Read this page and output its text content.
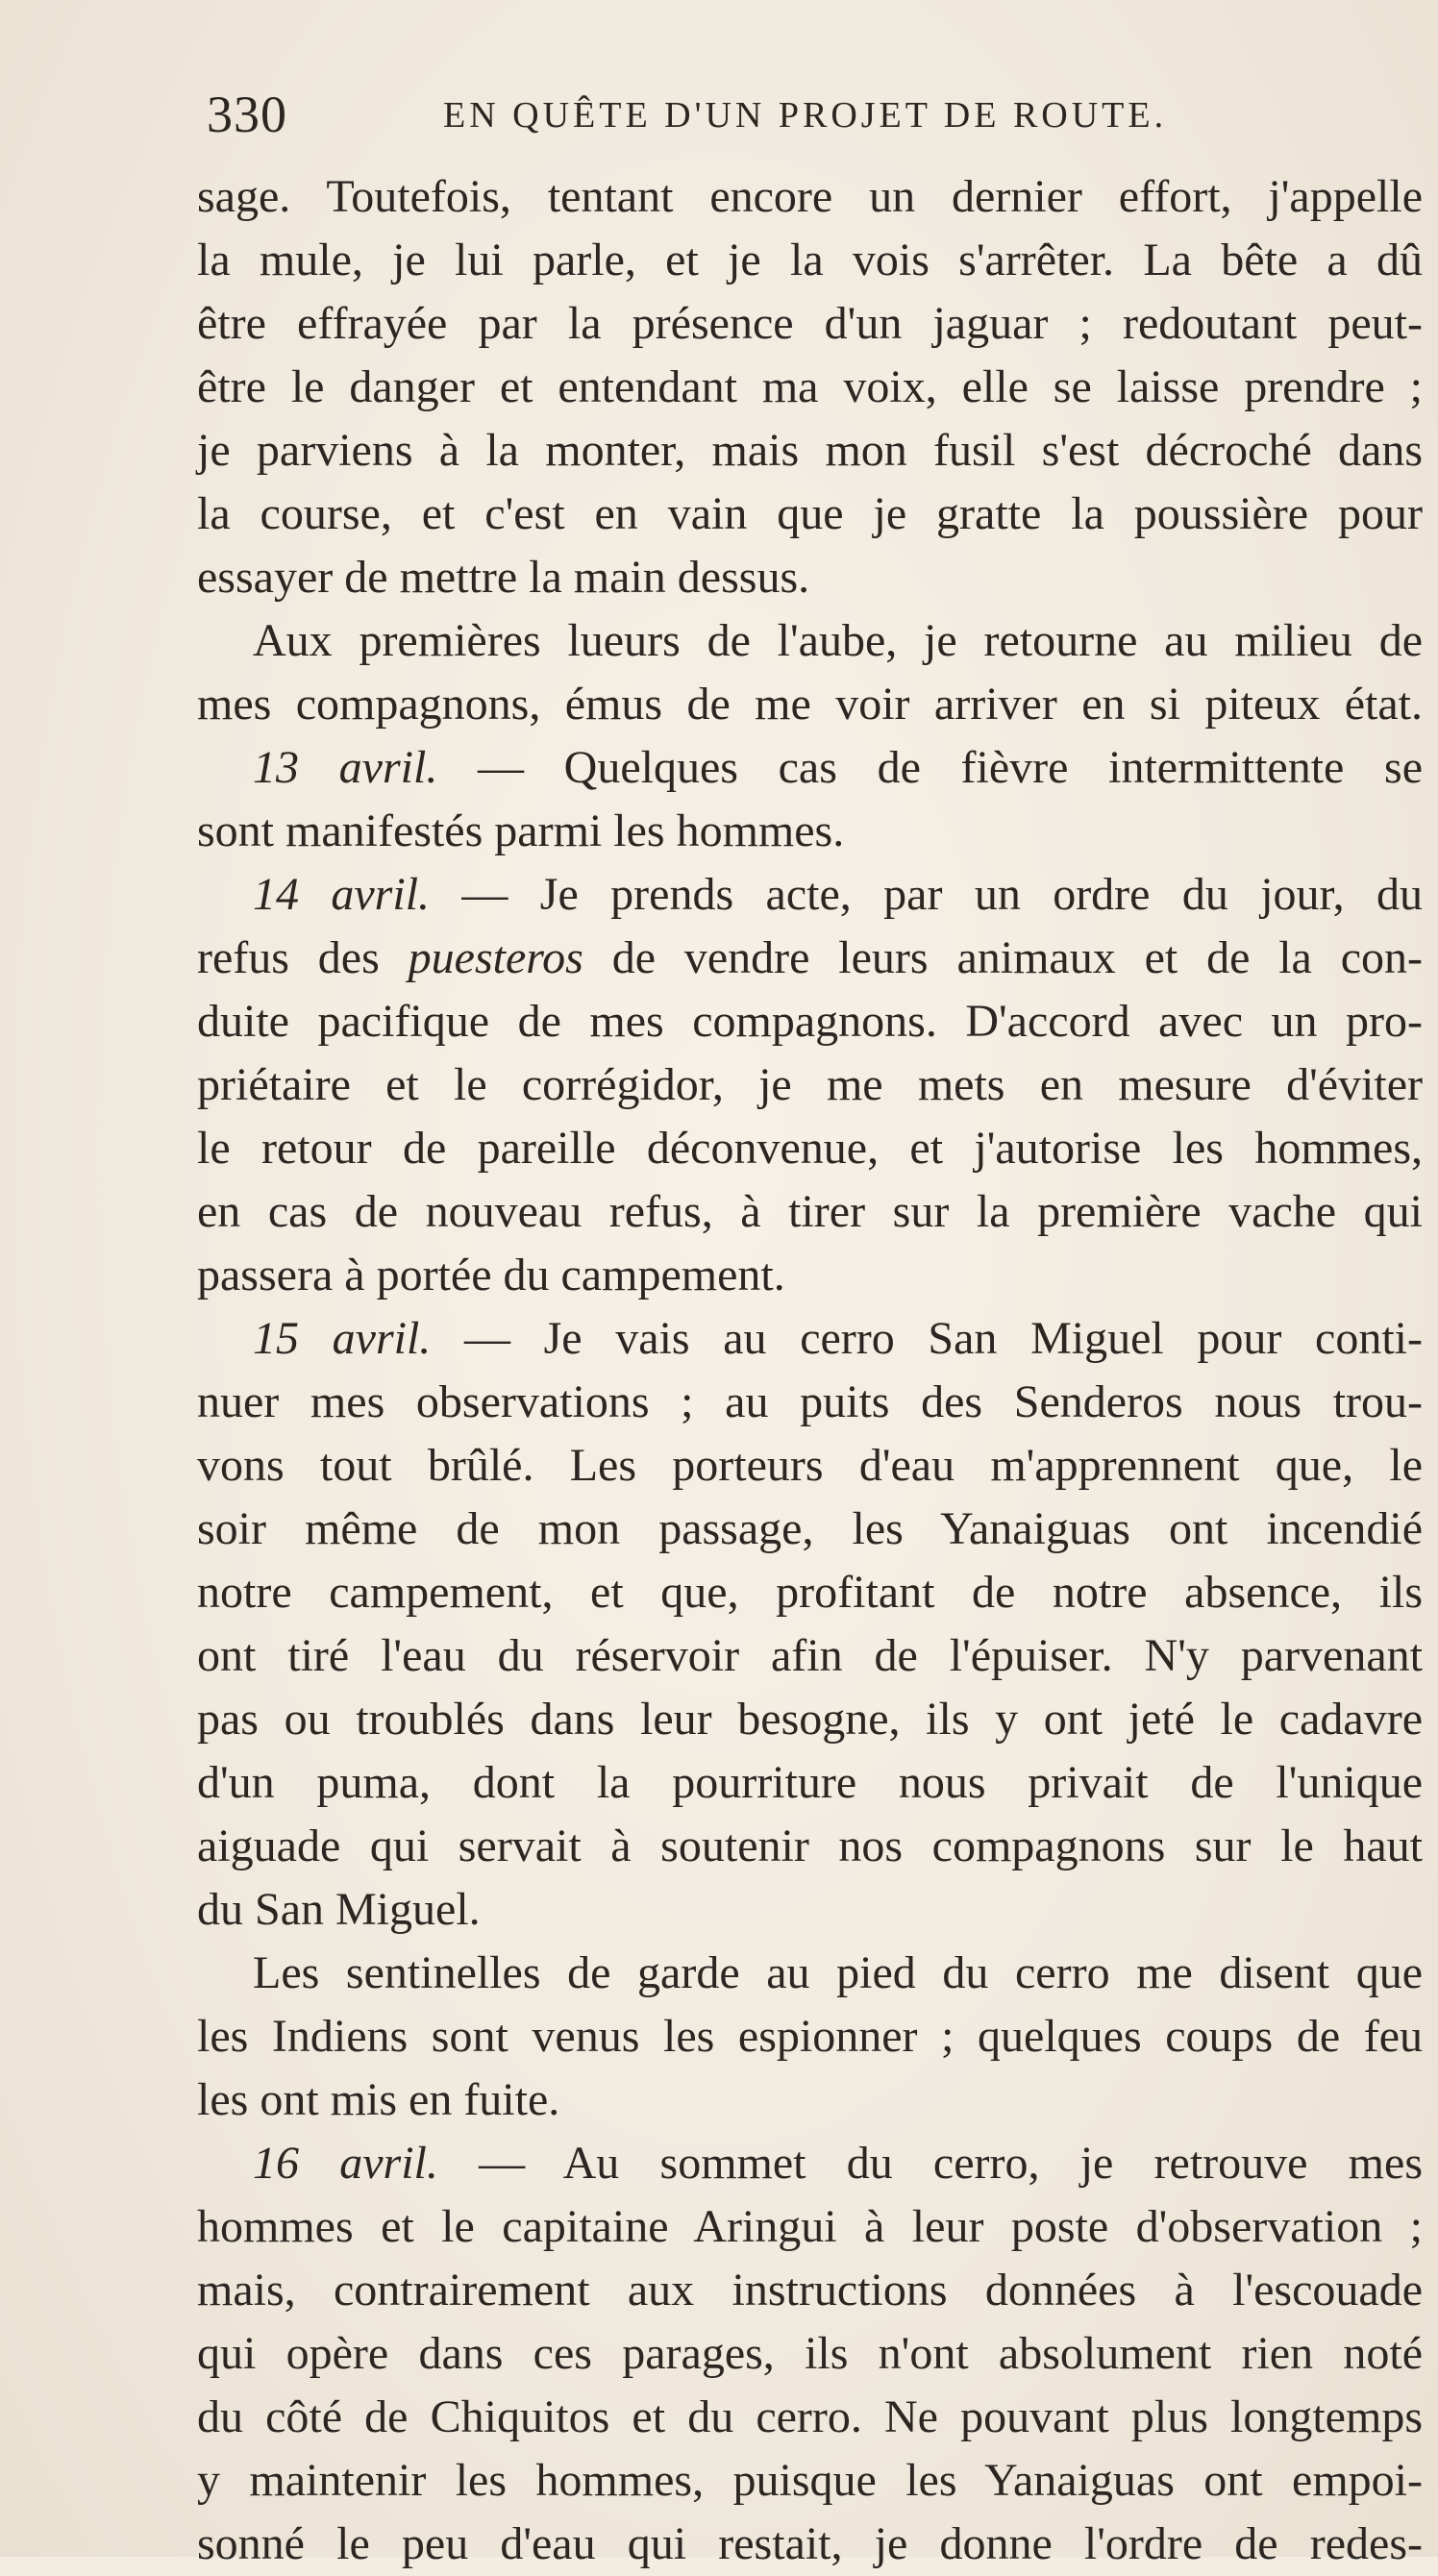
330	EN QUÊTE D'UN PROJET DE ROUTE.
sage. Toutefois, tentant encore un dernier effort, j'appelle
la mule, je lui parle, et je la vois s'arrêter. La bête a dû
être effrayée par la présence d'un jaguar ; redoutant peut-
être le danger et entendant ma voix, elle se laisse prendre ;
je parviens à la monter, mais mon fusil s'est décroché dans
la course, et c'est en vain que je gratte la poussière pour
essayer de mettre la main dessus.
Aux premières lueurs de l'aube, je retourne au milieu de
mes compagnons, émus de me voir arriver en si piteux état.
13 avril. — Quelques cas de fièvre intermittente se
sont manifestés parmi les hommes.
14 avril. — Je prends acte, par un ordre du jour, du
refus des puesteros de vendre leurs animaux et de la con-
duite pacifique de mes compagnons. D'accord avec un pro-
priétaire et le corrégidor, je me mets en mesure d'éviter
le retour de pareille déconvenue, et j'autorise les hommes,
en cas de nouveau refus, à tirer sur la première vache qui
passera à portée du campement.
15 avril. — Je vais au cerro San Miguel pour conti-
nuer mes observations ; au puits des Senderos nous trou-
vons tout brûlé. Les porteurs d'eau m'apprennent que, le
soir même de mon passage, les Yanaiguas ont incendié
notre campement, et que, profitant de notre absence, ils
ont tiré l'eau du réservoir afin de l'épuiser. N'y parvenant
pas ou troublés dans leur besogne, ils y ont jeté le cadavre
d'un puma, dont la pourriture nous privait de l'unique
aiguade qui servait à soutenir nos compagnons sur le haut
du San Miguel.
Les sentinelles de garde au pied du cerro me disent que
les Indiens sont venus les espionner ; quelques coups de feu
les ont mis en fuite.
16 avril. — Au sommet du cerro, je retrouve mes
hommes et le capitaine Aringui à leur poste d'observation ;
mais, contrairement aux instructions données à l'escouade
qui opère dans ces parages, ils n'ont absolument rien noté
du côté de Chiquitos et du cerro. Ne pouvant plus longtemps
y maintenir les hommes, puisque les Yanaiguas ont empoi-
sonné le peu d'eau qui restait, je donne l'ordre de redes-
